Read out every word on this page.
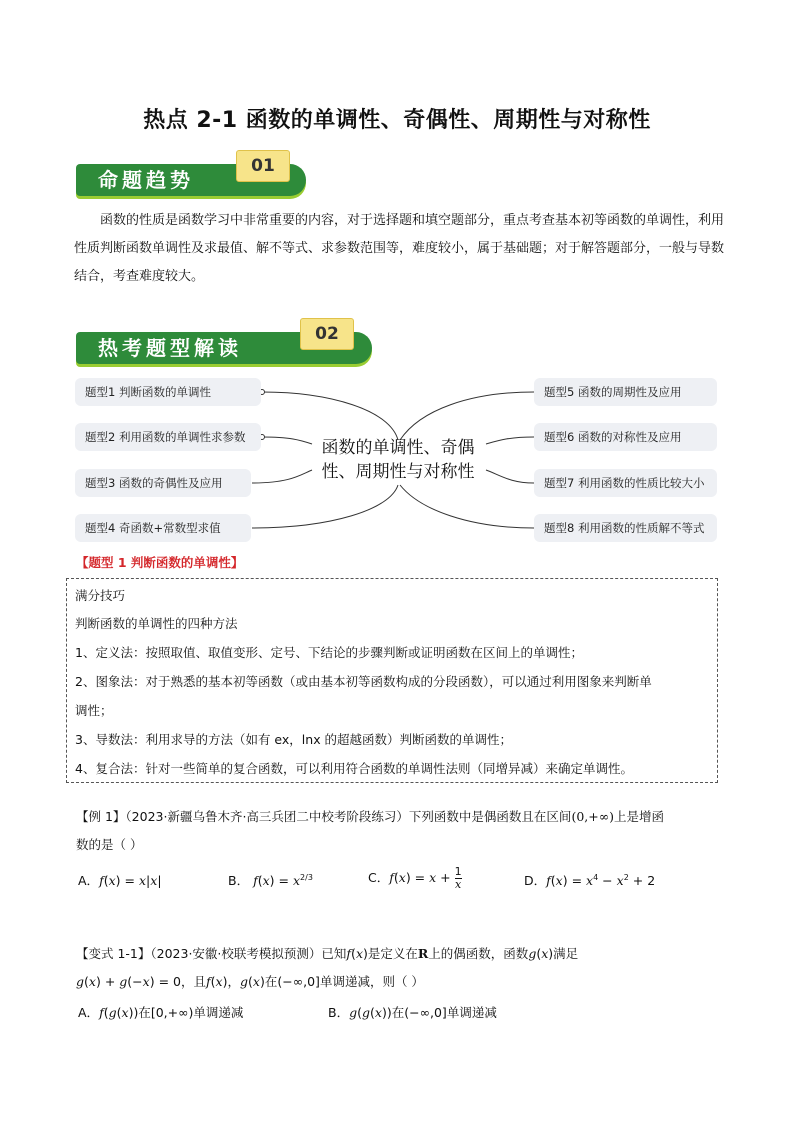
热点 2-1 函数的单调性、奇偶性、周期性与对称性
命题趋势
01
函数的性质是函数学习中非常重要的内容，对于选择题和填空题部分，重点考查基本初等函数的单调性，利用性质判断函数单调性及求最值、解不等式、求参数范围等，难度较小，属于基础题；对于解答题部分，一般与导数结合，考查难度较大。
热考题型解读
02
题型1 判断函数的单调性
题型2 利用函数的单调性求参数
题型3 函数的奇偶性及应用
题型4 奇函数+常数型求值
题型5 函数的周期性及应用
题型6 函数的对称性及应用
题型7 利用函数的性质比较大小
题型8 利用函数的性质解不等式
函数的单调性、奇偶性、周期性与对称性
【题型 1 判断函数的单调性】
满分技巧
判断函数的单调性的四种方法
1、定义法：按照取值、取值变形、定号、下结论的步骤判断或证明函数在区间上的单调性；
2、图象法：对于熟悉的基本初等函数（或由基本初等函数构成的分段函数），可以通过利用图象来判断单
调性；
3、导数法：利用求导的方法（如有 ex，lnx 的超越函数）判断函数的单调性；
4、复合法：针对一些简单的复合函数，可以利用符合函数的单调性法则（同增异减）来确定单调性。
【例 1】（2023·新疆乌鲁木齐·高三兵团二中校考阶段练习）下列函数中是偶函数且在区间(0,+∞)上是增函
数的是（ ）
A．f(x) = x|x|	B． $f(x) = x^{2/3}$	C．$f(x) = x + \frac{1}{x}$	D．$f(x) = x^4 - x^2 + 2$
【变式 1-1】（2023·安徽·校联考模拟预测）已知f(x)是定义在R上的偶函数，函数g(x)满足
g(x) + g(−x) = 0，且f(x)，g(x)在(−∞,0]单调递减，则（ ）
A．f(g(x))在[0,+∞)单调递减	B．g(g(x))在(−∞,0]单调递减
